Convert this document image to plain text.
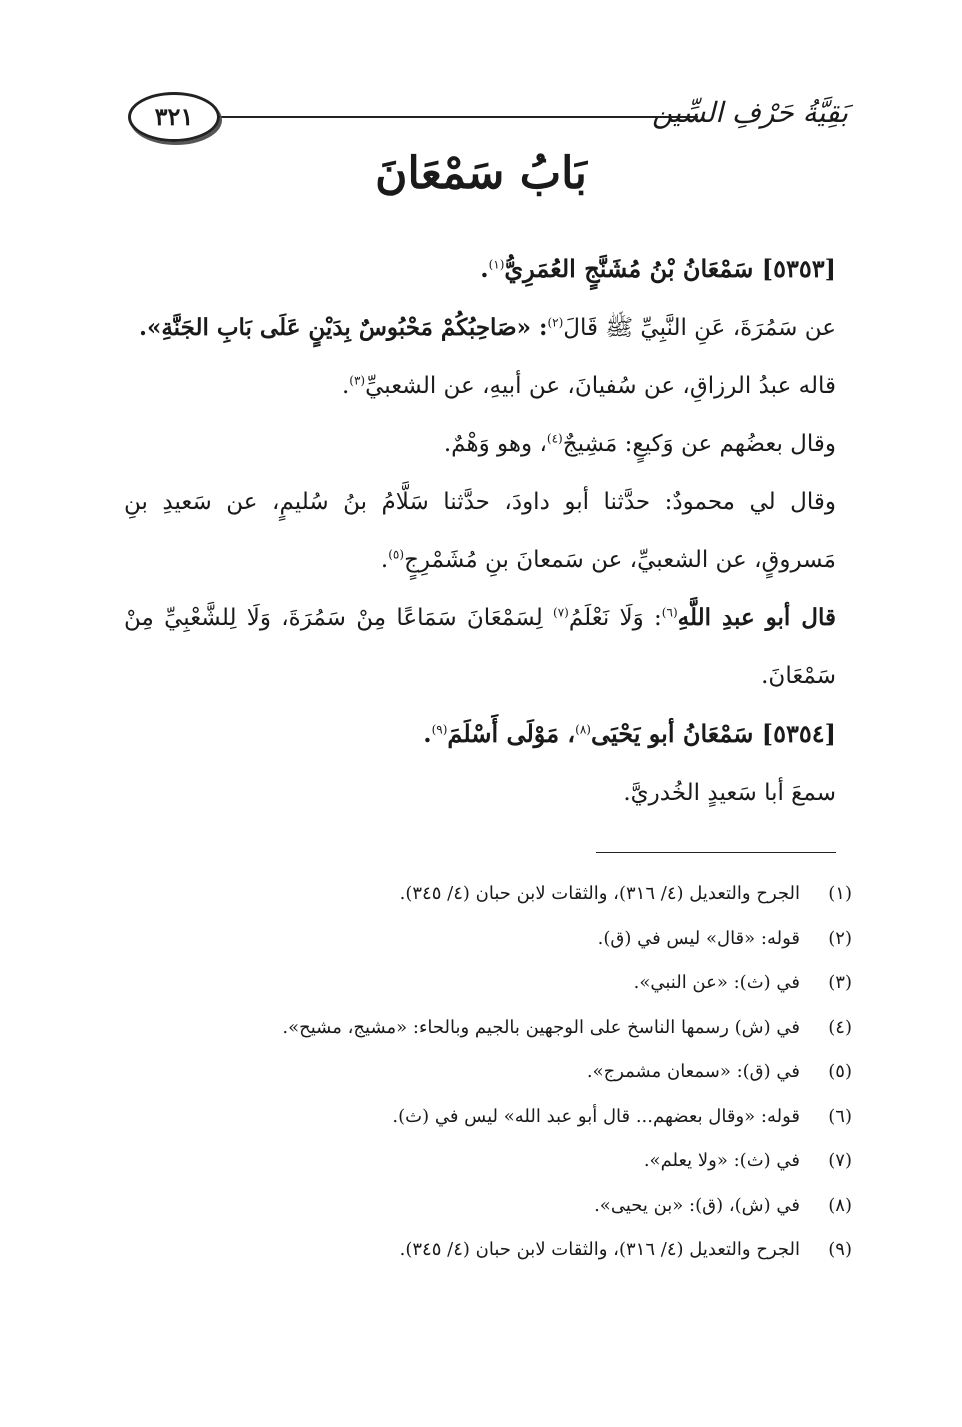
بَقِيَّةُ حَرْفِ السِّين
٣٢١
بَابُ سَمْعَانَ

[٥٣٥٣] سَمْعَانُ بْنُ مُشَنَّجٍ العُمَرِيُّ$^{(١)}$.

عن سَمُرَةَ، عَنِ النَّبِيِّ ﷺ قَالَ$^{(٢)}$: «صَاحِبُكُمْ مَحْبُوسٌ بِدَيْنٍ عَلَى بَابِ الجَنَّةِ».

قاله عبدُ الرزاقِ، عن سُفيانَ، عن أبيهِ، عن الشعبيِّ$^{(٣)}$.

وقال بعضُهم عن وَكيعٍ: مَشِيجٌ$^{(٤)}$، وهو وَهْمٌ.

وقال لي محمودٌ: حدَّثنا أبو داودَ، حدَّثنا سَلَّامُ بنُ سُليمٍ، عن سَعيدِ بنِ مَسروقٍ، عن الشعبيِّ، عن سَمعانَ بنِ مُشَمْرِجٍ$^{(٥)}$.

قال أبو عبدِ اللَّهِ$^{(٦)}$: وَلَا نَعْلَمُ$^{(٧)}$ لِسَمْعَانَ سَمَاعًا مِنْ سَمُرَةَ، وَلَا لِلشَّعْبِيِّ مِنْ سَمْعَانَ.

[٥٣٥٤] سَمْعَانُ أبو يَحْيَى$^{(٨)}$، مَوْلَى أَسْلَمَ$^{(٩)}$.

سمعَ أبا سَعيدٍ الخُدريَّ.

(١)
الجرح والتعديل (٤/ ٣١٦)، والثقات لابن حبان (٤/ ٣٤٥).
(٢)
قوله: «قال» ليس في (ق).
(٣)
في (ث): «عن النبي».
(٤)
في (ش) رسمها الناسخ على الوجهين بالجيم وبالحاء: «مشيج، مشيح».
(٥)
في (ق): «سمعان مشمرج».
(٦)
قوله: «وقال بعضهم... قال أبو عبد الله» ليس في (ث).
(٧)
في (ث): «ولا يعلم».
(٨)
في (ش)، (ق): «بن يحيى».
(٩)
الجرح والتعديل (٤/ ٣١٦)، والثقات لابن حبان (٤/ ٣٤٥).
